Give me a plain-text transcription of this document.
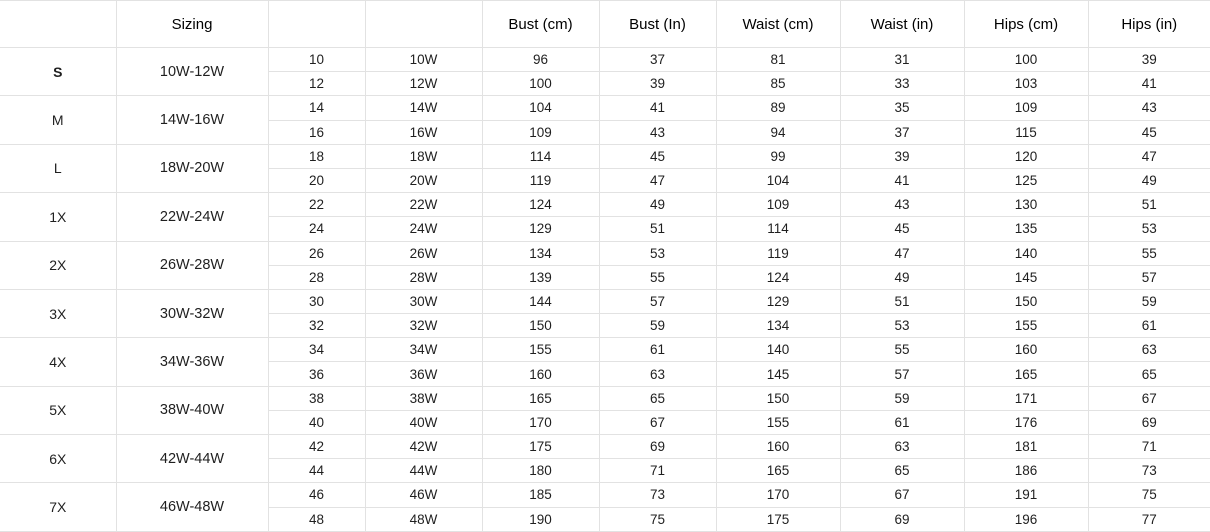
	Sizing			Bust (cm)	Bust (In)	Waist (cm)	Waist (in)	Hips (cm)	Hips (in)
S	10W-12W	10	10W	96	37	81	31	100	39
		12	12W	100	39	85	33	103	41
M	14W-16W	14	14W	104	41	89	35	109	43
		16	16W	109	43	94	37	115	45
L	18W-20W	18	18W	114	45	99	39	120	47
		20	20W	119	47	104	41	125	49
1X	22W-24W	22	22W	124	49	109	43	130	51
		24	24W	129	51	114	45	135	53
2X	26W-28W	26	26W	134	53	119	47	140	55
		28	28W	139	55	124	49	145	57
3X	30W-32W	30	30W	144	57	129	51	150	59
		32	32W	150	59	134	53	155	61
4X	34W-36W	34	34W	155	61	140	55	160	63
		36	36W	160	63	145	57	165	65
5X	38W-40W	38	38W	165	65	150	59	171	67
		40	40W	170	67	155	61	176	69
6X	42W-44W	42	42W	175	69	160	63	181	71
		44	44W	180	71	165	65	186	73
7X	46W-48W	46	46W	185	73	170	67	191	75
		48	48W	190	75	175	69	196	77
